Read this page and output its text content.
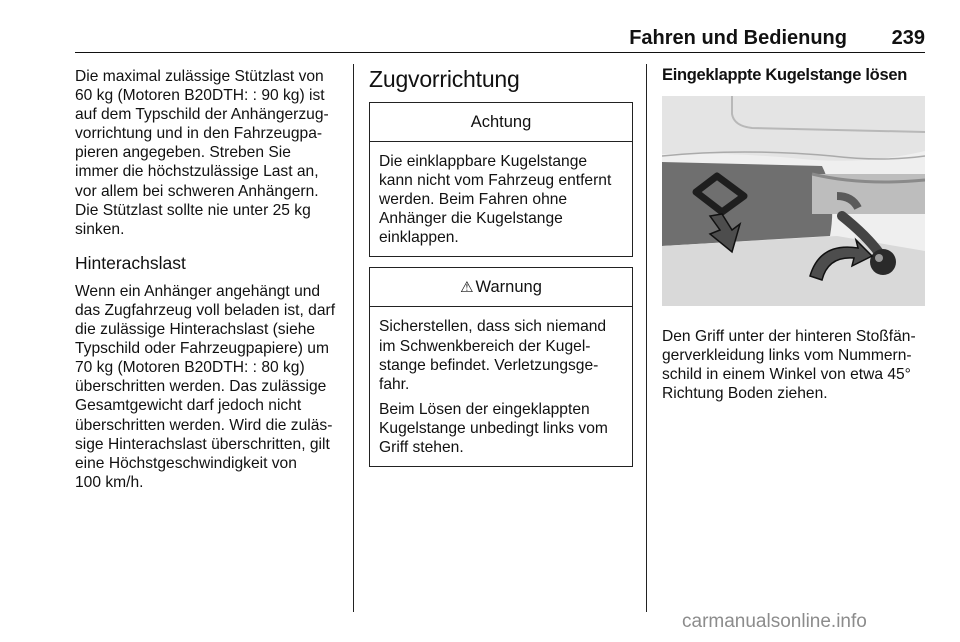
Fahren und Bedienung 239

Die maximal zulässige Stützlast von
60 kg (Motoren B20DTH: : 90 kg) ist
auf dem Typschild der Anhängerzug-
vorrichtung und in den Fahrzeugpa-
pieren angegeben. Streben Sie
immer die höchstzulässige Last an,
vor allem bei schweren Anhängern.
Die Stützlast sollte nie unter 25 kg
sinken.

Hinterachslast

Wenn ein Anhänger angehängt und
das Zugfahrzeug voll beladen ist, darf
die zulässige Hinterachslast (siehe
Typschild oder Fahrzeugpapiere) um
70 kg (Motoren B20DTH: : 80 kg)
überschritten werden. Das zulässige
Gesamtgewicht darf jedoch nicht
überschritten werden. Wird die zuläs-
sige Hinterachslast überschritten, gilt
eine Höchstgeschwindigkeit von
100 km/h.

Zugvorrichtung
Achtung

Die einklappbare Kugelstange
kann nicht vom Fahrzeug entfernt
werden. Beim Fahren ohne
Anhänger die Kugelstange
einklappen.

⚠ Warnung

Sicherstellen, dass sich niemand
im Schwenkbereich der Kugel-
stange befindet. Verletzungsge-
fahr.

Beim Lösen der eingeklappten
Kugelstange unbedingt links vom
Griff stehen.

Eingeklappte Kugelstange lösen

Den Griff unter der hinteren Stoßfän-
gerverkleidung links vom Nummern-
schild in einem Winkel von etwa 45°
Richtung Boden ziehen.

carmanualsonline.info
